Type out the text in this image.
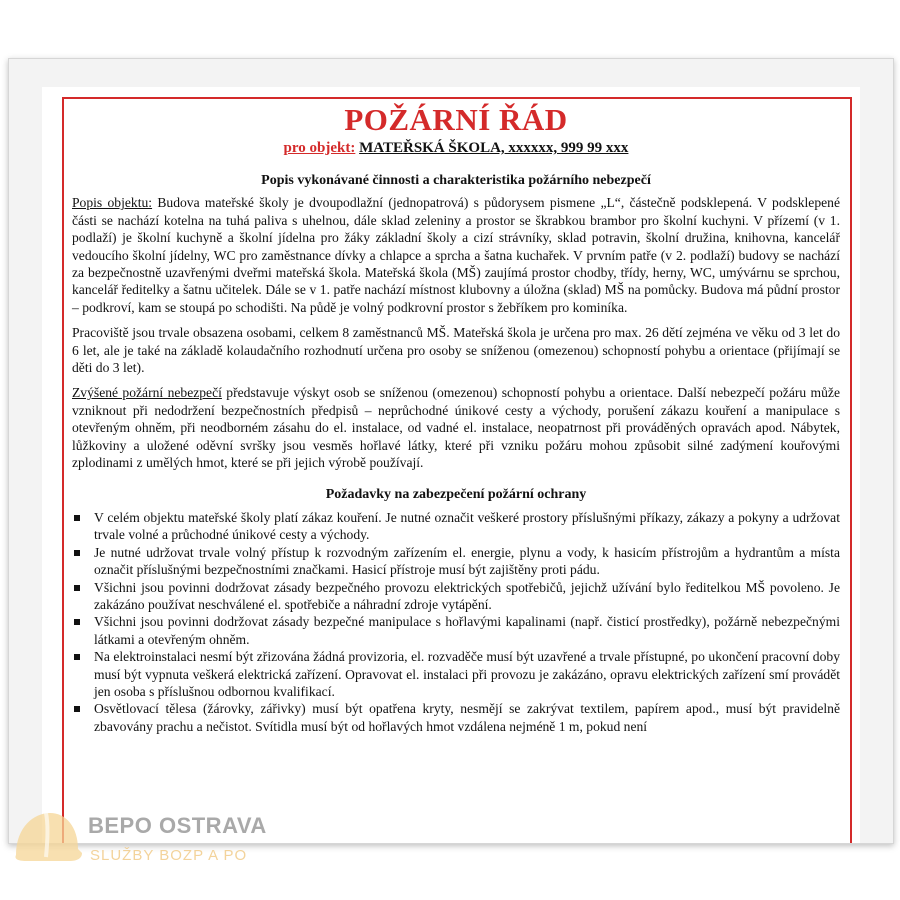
POŽÁRNÍ ŘÁD

pro objekt: MATEŘSKÁ ŠKOLA, xxxxxx, 999 99 xxx

Popis vykonávané činnosti a charakteristika požárního nebezpečí

Popis objektu: Budova mateřské školy je dvoupodlažní (jednopatrová) s půdorysem pismene „L“, částečně podsklepená. V podsklepené části se nachází kotelna na tuhá paliva s uhelnou, dále sklad zeleniny a prostor se škrabkou brambor pro školní kuchyni. V přízemí (v 1. podlaží) je školní kuchyně a školní jídelna pro žáky základní školy a cizí strávníky, sklad potravin, školní družina, knihovna, kancelář vedoucího školní jídelny, WC pro zaměstnance dívky a chlapce a sprcha a šatna kuchařek. V prvním patře (v 2. podlaží) budovy se nachází za bezpečnostně uzavřenými dveřmi mateřská škola. Mateřská škola (MŠ) zaujímá prostor chodby, třídy, herny, WC, umývárnu se sprchou, kancelář ředitelky a šatnu učitelek. Dále se v 1. patře nachází místnost klubovny a úložna (sklad) MŠ na pomůcky. Budova má půdní prostor – podkroví, kam se stoupá po schodišti. Na půdě je volný podkrovní prostor s žebříkem pro kominíka.

Pracoviště jsou trvale obsazena osobami, celkem 8 zaměstnanců MŠ. Mateřská škola je určena pro max. 26 dětí zejména ve věku od 3 let do 6 let, ale je také na základě kolaudačního rozhodnutí určena pro osoby se sníženou (omezenou) schopností pohybu a orientace (přijímají se děti do 3 let).

Zvýšené požární nebezpečí představuje výskyt osob se sníženou (omezenou) schopností pohybu a orientace. Další nebezpečí požáru může vzniknout při nedodržení bezpečnostních předpisů – neprůchodné únikové cesty a východy, porušení zákazu kouření a manipulace s otevřeným ohněm, při neodborném zásahu do el. instalace, od vadné el. instalace, neopatrnost při prováděných opravách apod. Nábytek, lůžkoviny a uložené oděvní svršky jsou vesměs hořlavé látky, které při vzniku požáru mohou způsobit silné zadýmení kouřovými zplodinami z umělých hmot, které se při jejich výrobě používají.

Požadavky na zabezpečení požární ochrany

V celém objektu mateřské školy platí zákaz kouření. Je nutné označit veškeré prostory příslušnými příkazy, zákazy a pokyny a udržovat trvale volné a průchodné únikové cesty a východy.
Je nutné udržovat trvale volný přístup k rozvodným zařízením el. energie, plynu a vody, k hasicím přístrojům a hydrantům a místa označit příslušnými bezpečnostními značkami. Hasicí přístroje musí být zajištěny proti pádu.
Všichni jsou povinni dodržovat zásady bezpečného provozu elektrických spotřebičů, jejichž užívání bylo ředitelkou MŠ povoleno. Je zakázáno používat neschválené el. spotřebiče a náhradní zdroje vytápění.
Všichni jsou povinni dodržovat zásady bezpečné manipulace s hořlavými kapalinami (např. čisticí prostředky), požárně nebezpečnými látkami a otevřeným ohněm.
Na elektroinstalaci nesmí být zřizována žádná provizoria, el. rozvaděče musí být uzavřené a trvale přístupné, po ukončení pracovní doby musí být vypnuta veškerá elektrická zařízení. Opravovat el. instalaci při provozu je zakázáno, opravu elektrických zařízení smí provádět jen osoba s příslušnou odbornou kvalifikací.
Osvětlovací tělesa (žárovky, zářivky) musí být opatřena kryty, nesmějí se zakrývat textilem, papírem apod., musí být pravidelně zbavovány prachu a nečistot. Svítidla musí být od hořlavých hmot vzdálena nejméně 1 m, pokud není
BEPO OSTRAVA
SLUŽBY BOZP A PO
